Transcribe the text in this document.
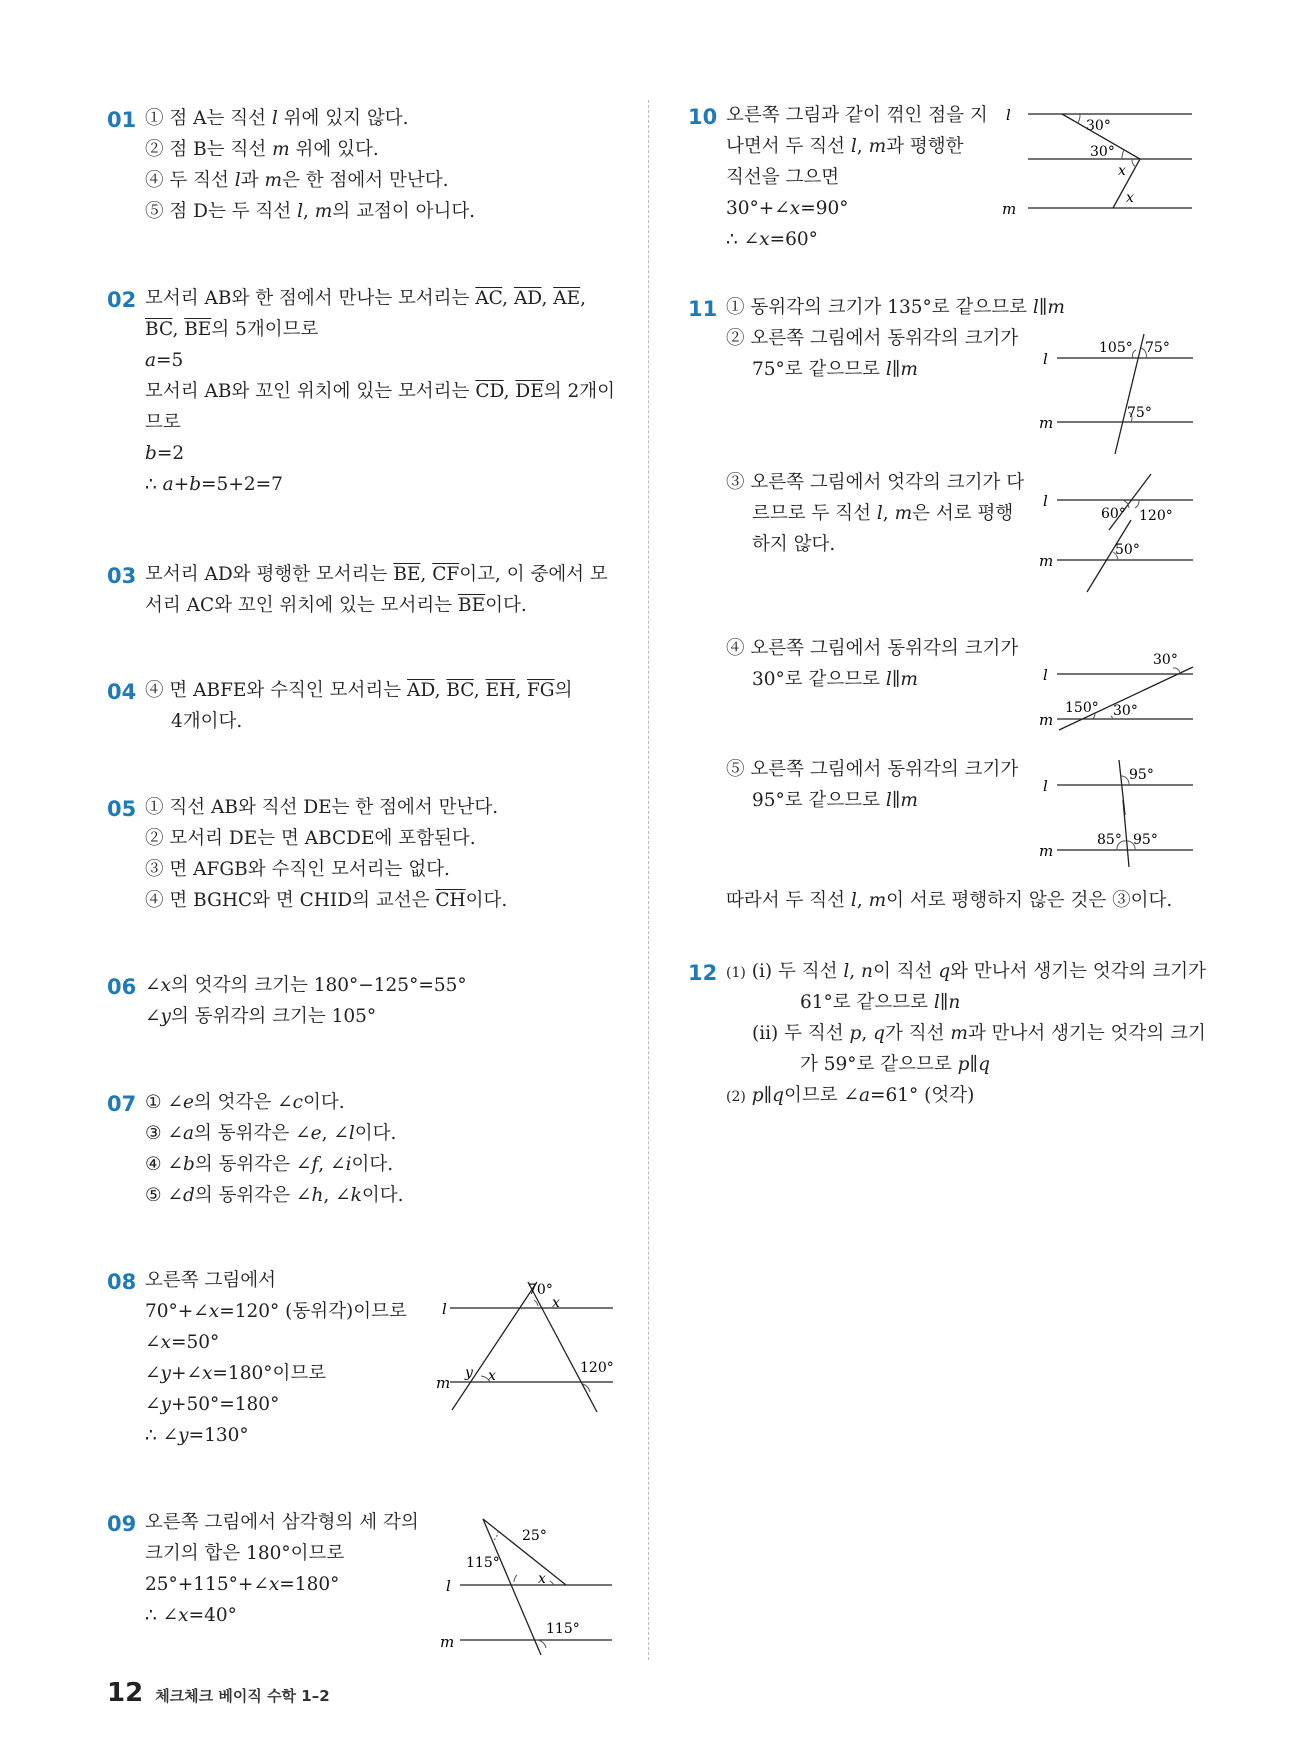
01 ① 점 A는 직선 l 위에 있지 않다.
② 점 B는 직선 m 위에 있다.
④ 두 직선 l과 m은 한 점에서 만난다.
⑤ 점 D는 두 직선 l, m의 교점이 아니다.
02 모서리 AB와 한 점에서 만나는 모서리는 $\overline{AC}$, $\overline{AD}$, $\overline{AE}$,
$\overline{BC}$, $\overline{BE}$의 5개이므로
a=5
모서리 AB와 꼬인 위치에 있는 모서리는 $\overline{CD}$, $\overline{DE}$의 2개이
므로
b=2
∴ a+b=5+2=7
03 모서리 AD와 평행한 모서리는 $\overline{BE}$, $\overline{CF}$이고, 이 중에서 모
서리 AC와 꼬인 위치에 있는 모서리는 $\overline{BE}$이다.
04 ④ 면 ABFE와 수직인 모서리는 $\overline{AD}$, $\overline{BC}$, $\overline{EH}$, $\overline{FG}$의
4개이다.
05 ① 직선 AB와 직선 DE는 한 점에서 만난다.
② 모서리 DE는 면 ABCDE에 포함된다.
③ 면 AFGB와 수직인 모서리는 없다.
④ 면 BGHC와 면 CHID의 교선은 $\overline{CH}$이다.
06 ∠x의 엇각의 크기는 180°−125°=55°
∠y의 동위각의 크기는 105°
07 ① ∠e의 엇각은 ∠c이다.
③ ∠a의 동위각은 ∠e, ∠l이다.
④ ∠b의 동위각은 ∠f, ∠i이다.
⑤ ∠d의 동위각은 ∠h, ∠k이다.
08 오른쪽 그림에서
70°+∠x=120° (동위각)이므로
∠x=50°
∠y+∠x=180°이므로
∠y+50°=180°
∴ ∠y=130°
l
m
70°
x
y x	120°
09 오른쪽 그림에서 삼각형의 세 각의
크기의 합은 180°이므로
25°+115°+∠x=180°
∴ ∠x=40°
l
m
25°
115°
x
115°
10 오른쪽 그림과 같이 꺾인 점을 지
나면서 두 직선 l, m과 평행한
직선을 그으면
30°+∠x=90°
∴ ∠x=60°
l
m
30°
30°
x
x
11 ① 동위각의 크기가 135°로 같으므로 l∥m
② 오른쪽 그림에서 동위각의 크기가
75°로 같으므로 l∥m
③ 오른쪽 그림에서 엇각의 크기가 다
르므로 두 직선 l, m은 서로 평행
하지 않다.
④ 오른쪽 그림에서 동위각의 크기가
30°로 같으므로 l∥m
⑤ 오른쪽 그림에서 동위각의 크기가
95°로 같으므로 l∥m
따라서 두 직선 l, m이 서로 평행하지 않은 것은 ③이다.
l
m
105° 75°
75°
l
m
60° 120°
50°
l
m
30°
150° 30°
l
m
95°
85° 95°
12 (1) (ⅰ) 두 직선 l, n이 직선 q와 만나서 생기는 엇각의 크기가
61°로 같으므로 l∥n
(ⅱ) 두 직선 p, q가 직선 m과 만나서 생기는 엇각의 크기
가 59°로 같으므로 p∥q
(2) p∥q이므로 ∠a=61° (엇각)
12 체크체크 베이직 수학 1–2
